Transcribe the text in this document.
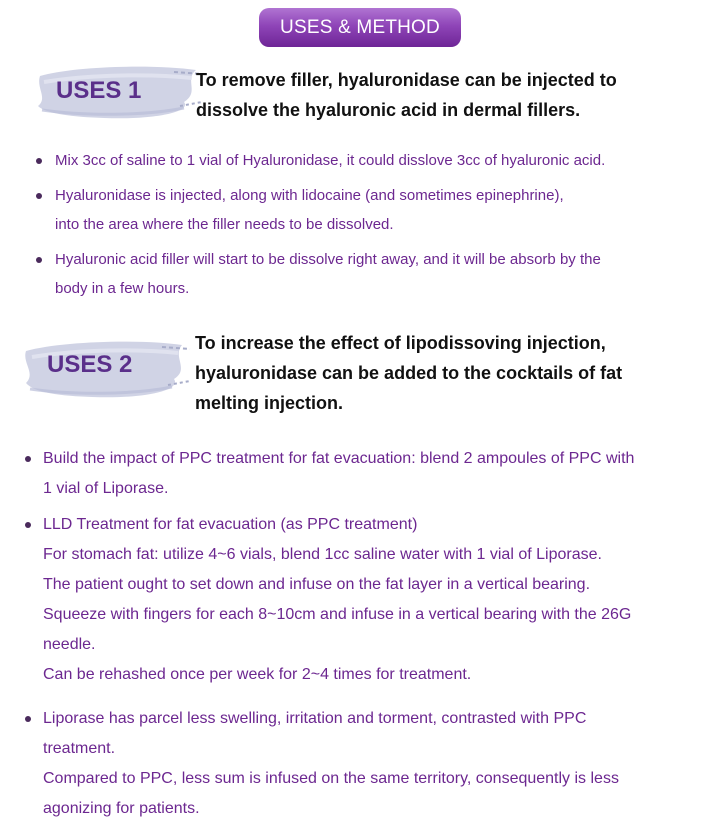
USES & METHOD
USES 1	To remove filler, hyaluronidase can be injected to
dissolve the hyaluronic acid in dermal fillers.
Mix 3cc of saline to 1 vial of Hyaluronidase, it could disslove 3cc of hyaluronic acid.
Hyaluronidase is injected, along with lidocaine (and sometimes epinephrine),
into the area where the filler needs to be dissolved.
Hyaluronic acid filler will start to be dissolve right away, and it will be absorb by the
body in a few hours.
USES 2
To increase the effect of lipodissoving injection,
hyaluronidase can be added to the cocktails of fat
melting injection.
Build the impact of PPC treatment for fat evacuation: blend 2 ampoules of PPC with
1 vial of Liporase.
LLD Treatment for fat evacuation (as PPC treatment)
For stomach fat: utilize 4~6 vials, blend 1cc saline water with 1 vial of Liporase.
The patient ought to set down and infuse on the fat layer in a vertical bearing.
Squeeze with fingers for each 8~10cm and infuse in a vertical bearing with the 26G
needle.
Can be rehashed once per week for 2~4 times for treatment.
Liporase has parcel less swelling, irritation and torment, contrasted with PPC
treatment.
Compared to PPC, less sum is infused on the same territory, consequently is less
agonizing for patients.
